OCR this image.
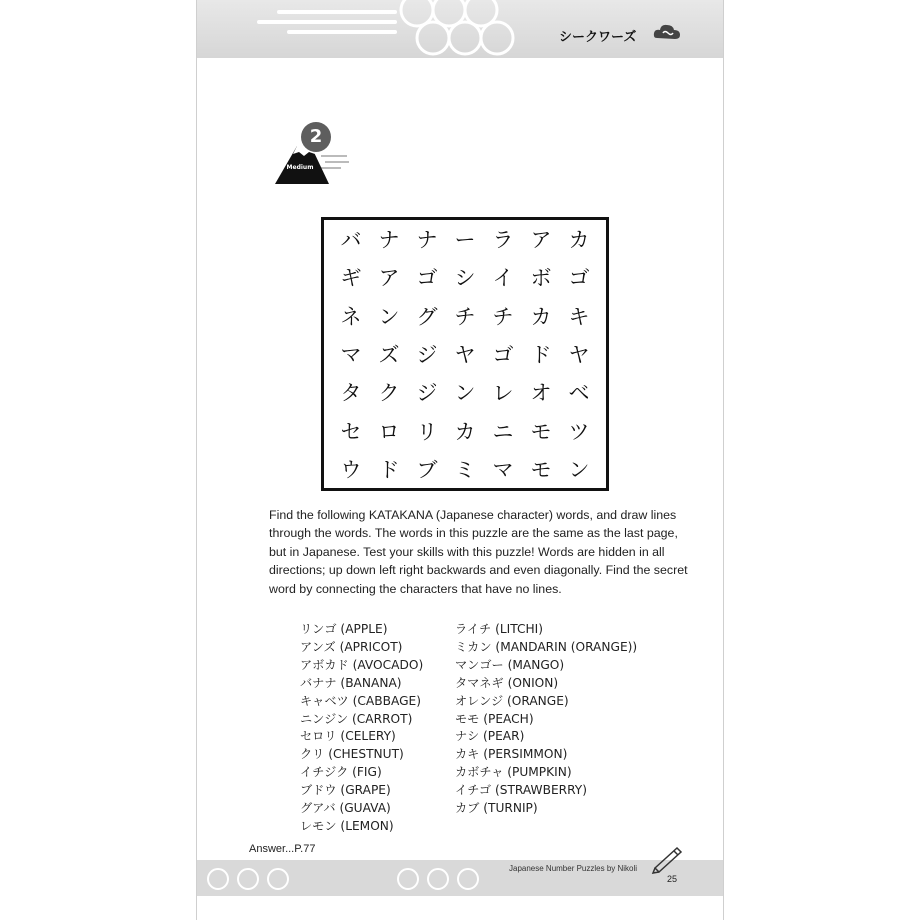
シークワーズ
2
Medium
バ ナ ナ ー ラ ア カ
ギ ア ゴ シ イ ボ ゴ
ネ ン グ チ チ カ キ
マ ズ ジ ヤ ゴ ド ヤ
タ ク ジ ン レ オ ベ
セ ロ リ カ ニ モ ツ
ウ ド ブ ミ マ モ ン
Find the following KATAKANA (Japanese character) words, and draw lines through the words. The words in this puzzle are the same as the last page, but in Japanese. Test your skills with this puzzle! Words are hidden in all directions; up down left right backwards and even diagonally. Find the secret word by connecting the characters that have no lines.
リンゴ (APPLE)
アンズ (APRICOT)
アボカド (AVOCADO)
バナナ (BANANA)
キャベツ (CABBAGE)
ニンジン (CARROT)
セロリ (CELERY)
クリ (CHESTNUT)
イチジク (FIG)
ブドウ (GRAPE)
グアバ (GUAVA)
レモン (LEMON)
ライチ (LITCHI)
ミカン (MANDARIN (ORANGE))
マンゴー (MANGO)
タマネギ (ONION)
オレンジ (ORANGE)
モモ (PEACH)
ナシ (PEAR)
カキ (PERSIMMON)
カボチャ (PUMPKIN)
イチゴ (STRAWBERRY)
カブ (TURNIP)
Answer...P.77
Japanese Number Puzzles by Nikoli
25
